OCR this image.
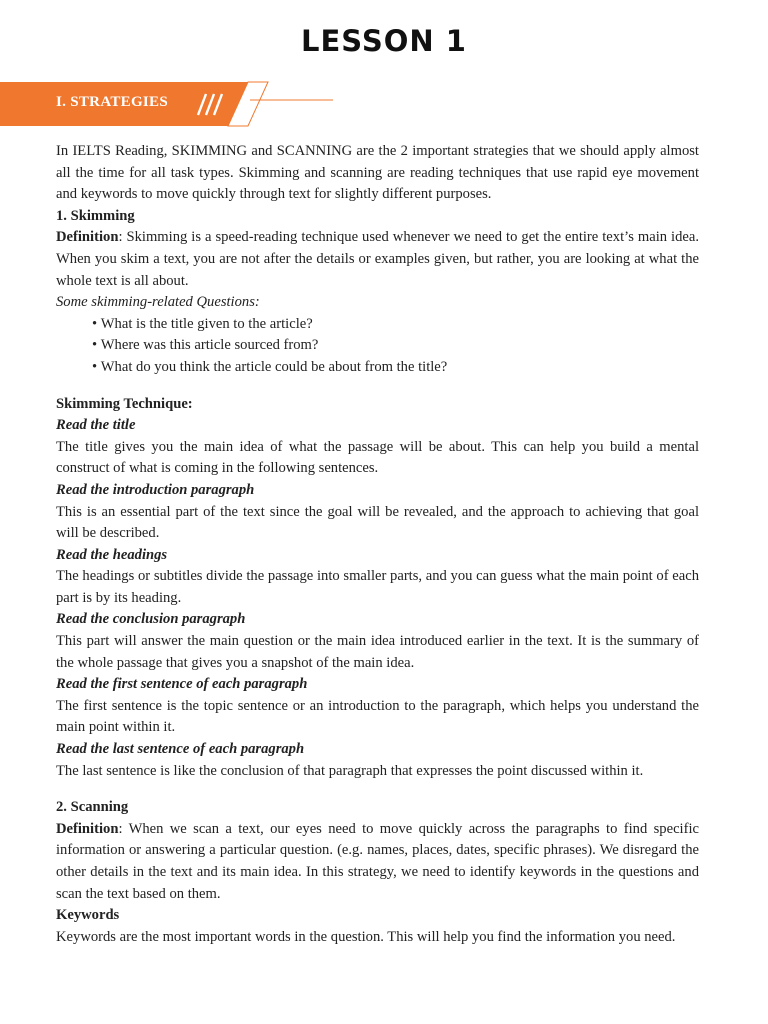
LESSON 1
I. STRATEGIES

In IELTS Reading, SKIMMING and SCANNING are the 2 important strategies that we should apply almost all the time for all task types. Skimming and scanning are reading techniques that use rapid eye movement and keywords to move quickly through text for slightly different purposes.

1. Skimming

Definition: Skimming is a speed-reading technique used whenever we need to get the entire text’s main idea. When you skim a text, you are not after the details or examples given, but rather, you are looking at what the whole text is all about.

Some skimming-related Questions:

• What is the title given to the article?
• Where was this article sourced from?
• What do you think the article could be about from the title?

Skimming Technique:

Read the title

The title gives you the main idea of what the passage will be about. This can help you build a mental construct of what is coming in the following sentences.

Read the introduction paragraph

This is an essential part of the text since the goal will be revealed, and the approach to achieving that goal will be described.

Read the headings

The headings or subtitles divide the passage into smaller parts, and you can guess what the main point of each part is by its heading.

Read the conclusion paragraph

This part will answer the main question or the main idea introduced earlier in the text. It is the summary of the whole passage that gives you a snapshot of the main idea.

Read the first sentence of each paragraph

The first sentence is the topic sentence or an introduction to the paragraph, which helps you understand the main point within it.

Read the last sentence of each paragraph

The last sentence is like the conclusion of that paragraph that expresses the point discussed within it.

2. Scanning

Definition: When we scan a text, our eyes need to move quickly across the paragraphs to find specific information or answering a particular question. (e.g. names, places, dates, specific phrases). We disregard the other details in the text and its main idea. In this strategy, we need to identify keywords in the questions and scan the text based on them.

Keywords

Keywords are the most important words in the question. This will help you find the information you need.
